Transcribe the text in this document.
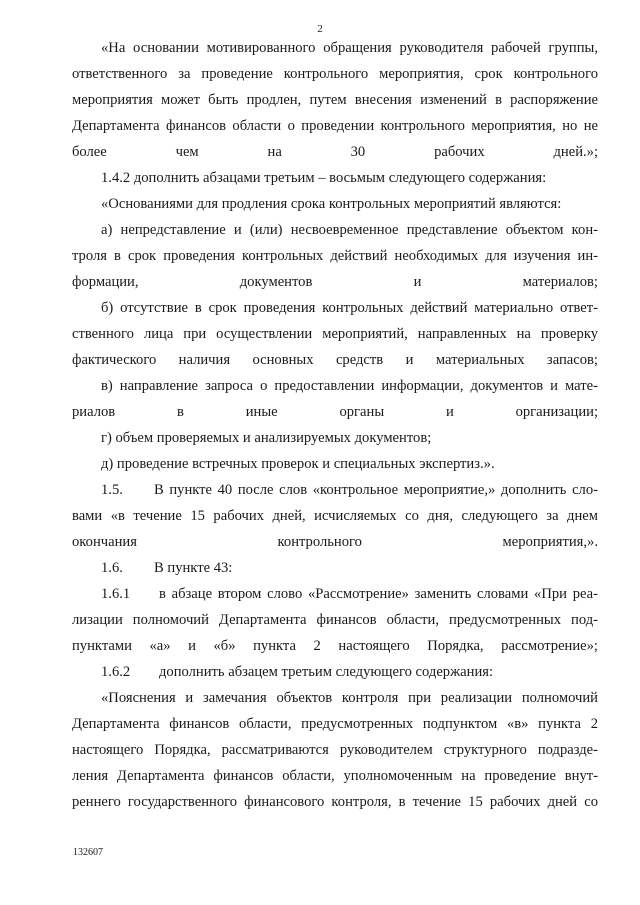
2

«На основании мотивированного обращения руководителя рабочей группы, ответственного за проведение контрольного мероприятия, срок контрольного мероприятия может быть продлен, путем внесения изменений в распоряжение Департамента финансов области о проведении контрольного мероприятия, но не более чем на 30 рабочих дней.»;

1.4.2 дополнить абзацами третьим – восьмым следующего содержания:

«Основаниями для продления срока контрольных мероприятий являются:

а) непредставление и (или) несвоевременное представление объектом кон- троля в срок проведения контрольных действий необходимых для изучения ин- формации, документов и материалов;

б) отсутствие в срок проведения контрольных действий материально ответ- ственного лица при осуществлении мероприятий, направленных на проверку фактического наличия основных средств и материальных запасов;

в) направление запроса о предоставлении информации, документов и мате- риалов в иные органы и организации;

г) объем проверяемых и анализируемых документов;

д) проведение встречных проверок и специальных экспертиз.».

1.5. В пункте 40 после слов «контрольное мероприятие,» дополнить сло- вами «в течение 15 рабочих дней, исчисляемых со дня, следующего за днем окончания контрольного мероприятия,».

1.6. В пункте 43:

1.6.1 в абзаце втором слово «Рассмотрение» заменить словами «При реа- лизации полномочий Департамента финансов области, предусмотренных под- пунктами «а» и «б» пункта 2 настоящего Порядка, рассмотрение»;

1.6.2 дополнить абзацем третьим следующего содержания:

«Пояснения и замечания объектов контроля при реализации полномочий Департамента финансов области, предусмотренных подпунктом «в» пункта 2 настоящего Порядка, рассматриваются руководителем структурного подразде- ления Департамента финансов области, уполномоченным на проведение внут- реннего государственного финансового контроля, в течение 15 рабочих дней со

132607
